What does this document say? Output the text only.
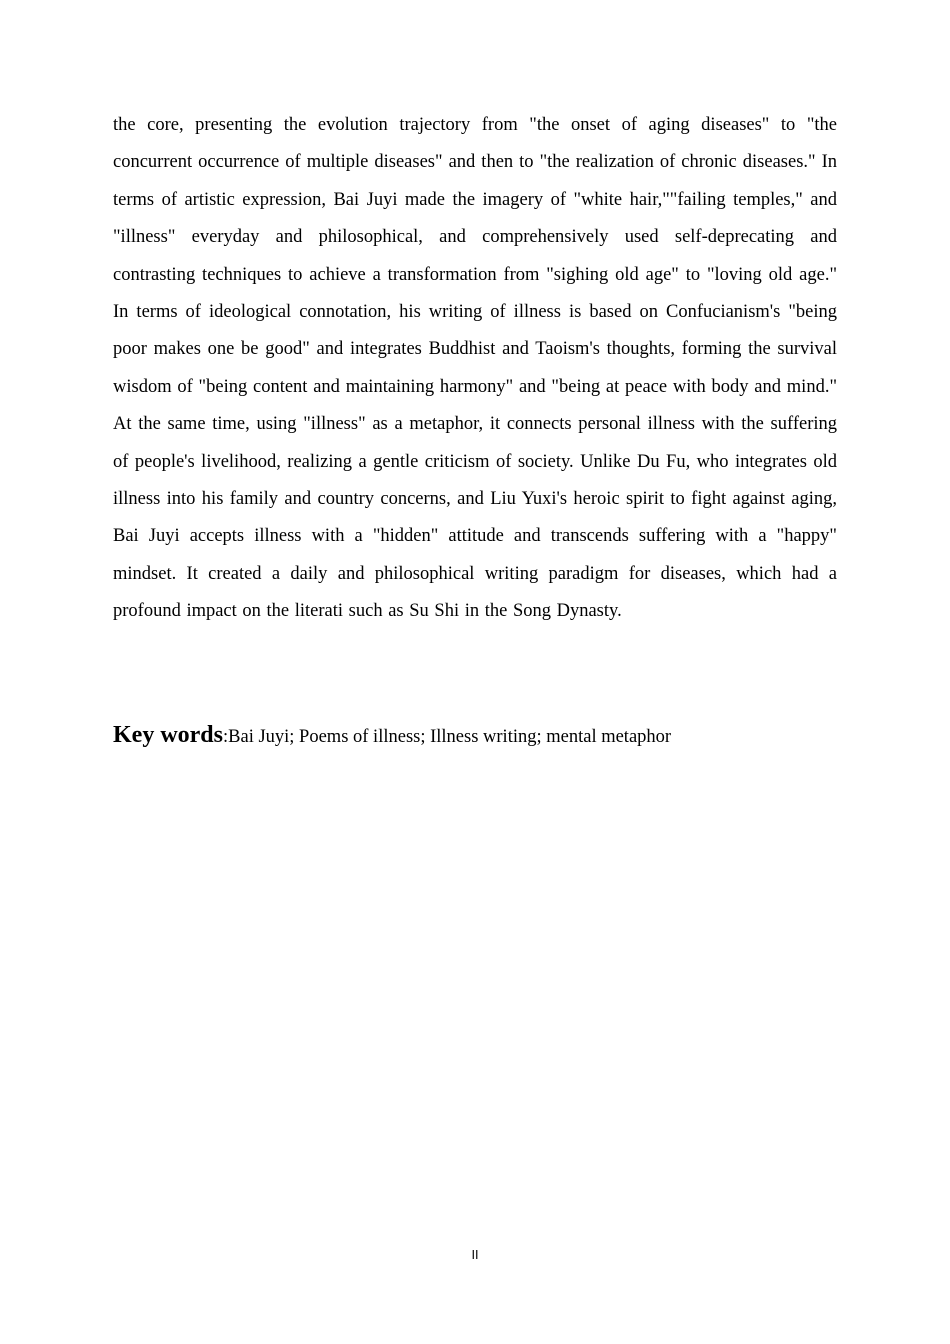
the core, presenting the evolution trajectory from "the onset of aging diseases" to "the concurrent occurrence of multiple diseases" and then to "the realization of chronic diseases." In terms of artistic expression, Bai Juyi made the imagery of "white hair,""failing temples," and "illness" everyday and philosophical, and comprehensively used self-deprecating and contrasting techniques to achieve a transformation from "sighing old age" to "loving old age." In terms of ideological connotation, his writing of illness is based on Confucianism's "being poor makes one be good" and integrates Buddhist and Taoism's thoughts, forming the survival wisdom of "being content and maintaining harmony" and "being at peace with body and mind." At the same time, using "illness" as a metaphor, it connects personal illness with the suffering of people's livelihood, realizing a gentle criticism of society. Unlike Du Fu, who integrates old illness into his family and country concerns, and Liu Yuxi's heroic spirit to fight against aging, Bai Juyi accepts illness with a "hidden" attitude and transcends suffering with a "happy" mindset. It created a daily and philosophical writing paradigm for diseases, which had a profound impact on the literati such as Su Shi in the Song Dynasty.

Key words:Bai Juyi; Poems of illness; Illness writing; mental metaphor

II
